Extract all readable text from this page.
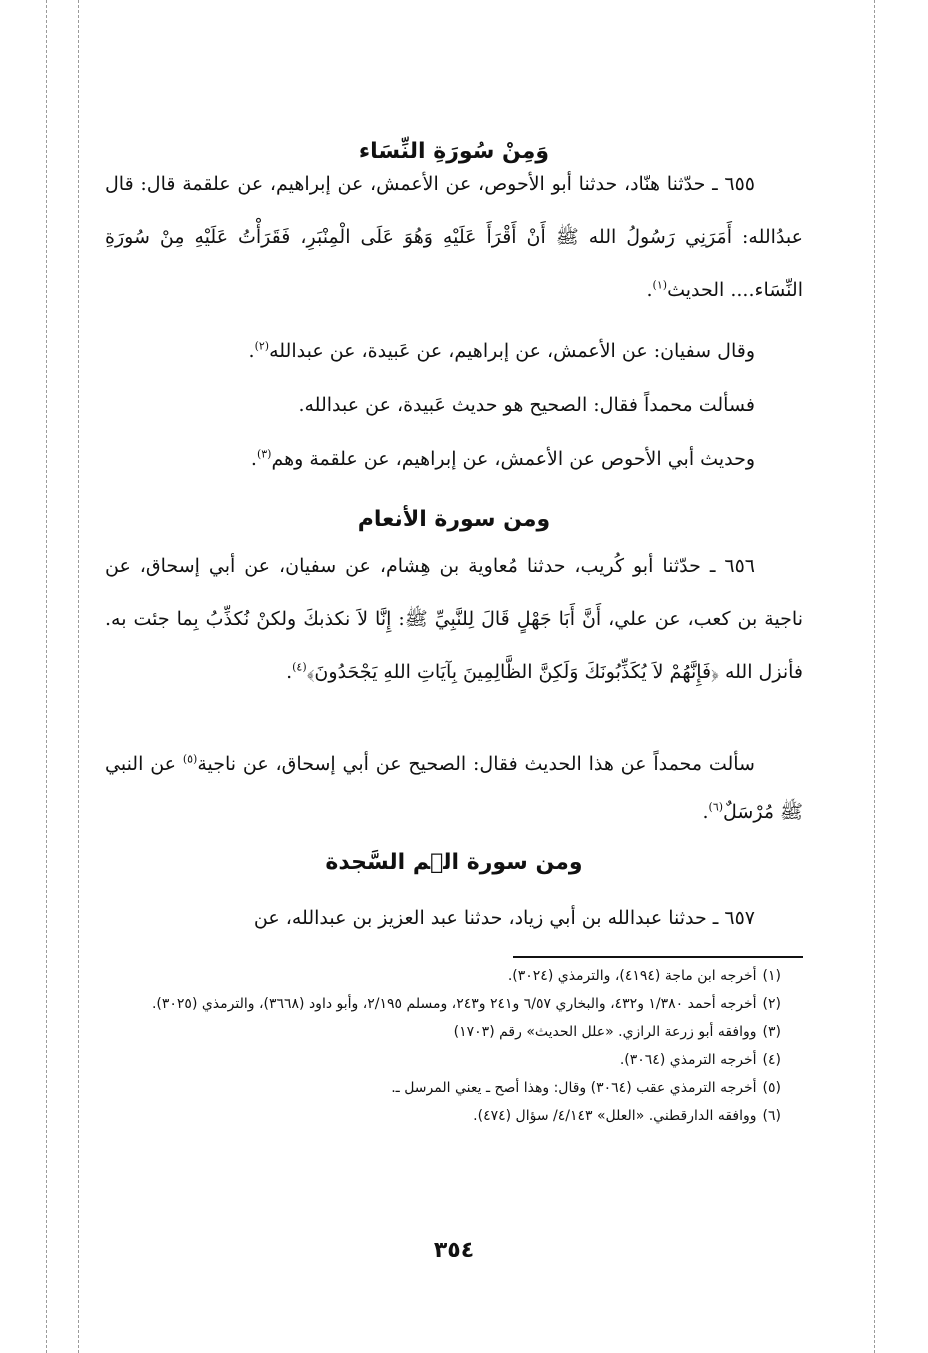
وَمِنْ سُورَةِ النِّسَاء

٦٥٥ ـ حدّثنا هنّاد، حدثنا أبو الأحوص، عن الأعمش، عن إبراهيم، عن علقمة قال: قال عبدُالله: أَمَرَنِي رَسُولُ الله ﷺ أَنْ أَقْرَأَ عَلَيْهِ وَهُوَ عَلَى الْمِنْبَرِ، فَقَرَأْتُ عَلَيْهِ مِنْ سُورَةِ النِّسَاء.... الحديث$^{(١)}$.

وقال سفيان: عن الأعمش، عن إبراهيم، عن عَبيدة، عن عبدالله$^{(٢)}$.

فسألت محمداً فقال: الصحيح هو حديث عَبيدة، عن عبدالله.

وحديث أبي الأحوص عن الأعمش، عن إبراهيم، عن علقمة وهم$^{(٣)}$.

ومن سورة الأنعام

٦٥٦ ـ حدّثنا أبو كُريب، حدثنا مُعاوية بن هِشام، عن سفيان، عن أبي إسحاق، عن ناجية بن كعب، عن علي، أَنَّ أَبَا جَهْلٍ قَالَ لِلنَّبِيِّ ﷺ: إِنَّا لاَ نكذبكَ ولكنْ نُكذِّبُ بِما جئت به. فأنزل الله ﴿فَإِنَّهُمْ لاَ يُكَذِّبُونَكَ وَلَكِنَّ الظَّالِمِينَ بِآيَاتِ اللهِ يَجْحَدُونَ﴾$^{(٤)}$.

سألت محمداً عن هذا الحديث فقال: الصحيح عن أبي إسحاق، عن ناجية$^{(٥)}$ عن النبي ﷺ مُرْسَلٌ$^{(٦)}$.

ومن سورة الۤم السَّجدة

٦٥٧ ـ حدثنا عبدالله بن أبي زياد، حدثنا عبد العزيز بن عبدالله، عن

(١)أخرجه ابن ماجة (٤١٩٤)، والترمذي (٣٠٢٤).
(٢)أخرجه أحمد ١/٣٨٠ و٤٣٢، والبخاري ٦/٥٧ و٢٤١ و٢٤٣، ومسلم ٢/١٩٥، وأبو داود (٣٦٦٨)، والترمذي (٣٠٢٥).
(٣)ووافقه أبو زرعة الرازي. «علل الحديث» رقم (١٧٠٣)
(٤)أخرجه الترمذي (٣٠٦٤).
(٥)أخرجه الترمذي عقب (٣٠٦٤) وقال: وهذا أصح ـ يعني المرسل ـ.
(٦)ووافقه الدارقطني. «العلل» ٤/١٤٣/ سؤال (٤٧٤).
٣٥٤
